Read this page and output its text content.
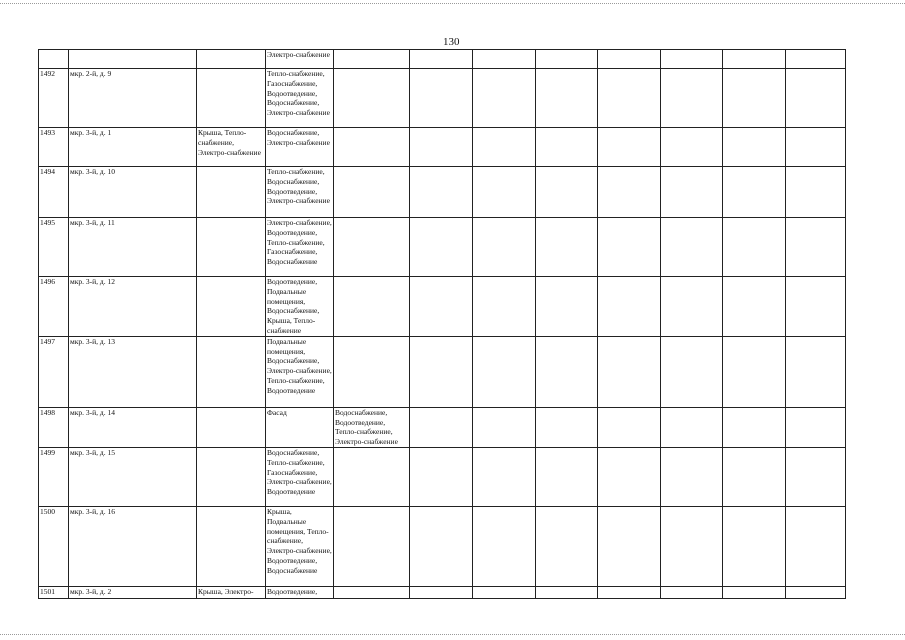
130
			Электро-снабжение								
1492	мкр. 2-й, д. 9		Тепло-снабжение, Газоснабжение, Водоотведение, Водоснабжение, Электро-снабжение								
1493	мкр. 3-й, д. 1	Крыша, Тепло-снабжение, Электро-снабжение	Водоснабжение, Электро-снабжение								
1494	мкр. 3-й, д. 10		Тепло-снабжение, Водоснабжение, Водоотведение, Электро-снабжение								
1495	мкр. 3-й, д. 11		Электро-снабжение, Водоотведение, Тепло-снабжение, Газоснабжение, Водоснабжение								
1496	мкр. 3-й, д. 12		Водоотведение, Подвальные помещения, Водоснабжение, Крыша, Тепло-снабжение								
1497	мкр. 3-й, д. 13		Подвальные помещения, Водоснабжение, Электро-снабжение, Тепло-снабжение, Водоотведение								
1498	мкр. 3-й, д. 14		Фасад	Водоснабжение, Водоотведение, Тепло-снабжение, Электро-снабжение							
1499	мкр. 3-й, д. 15		Водоснабжение, Тепло-снабжение, Газоснабжение, Электро-снабжение, Водоотведение								
1500	мкр. 3-й, д. 16		Крыша, Подвальные помещения, Тепло-снабжение, Электро-снабжение, Водоотведение, Водоснабжение								
1501	мкр. 3-й, д. 2	Крыша, Электро-	Водоотведение,								
